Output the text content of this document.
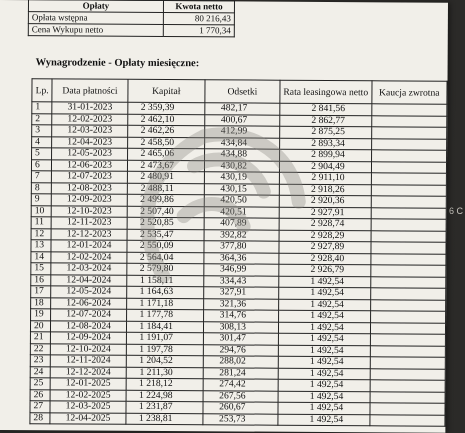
6 C
Opłaty	Kwota netto
Opłata wstępna	80 216,43
Cena Wykupu netto	1 770,34
Wynagrodzenie - Opłaty miesięczne:
Lp.	Data płatności	Kapitał	Odsetki	Rata leasingowa netto	Kaucja zwrotna
1	31-01-2023	2 359,39	482,17	2 841,56	
2	12-02-2023	2 462,10	400,67	2 862,77	
3	12-03-2023	2 462,26	412,99	2 875,25	
4	12-04-2023	2 458,50	434,84	2 893,34	
5	12-05-2023	2 465,06	434,88	2 899,94	
6	12-06-2023	2 473,67	430,82	2 904,49	
7	12-07-2023	2 480,91	430,19	2 911,10	
8	12-08-2023	2 488,11	430,15	2 918,26	
9	12-09-2023	2 499,86	420,50	2 920,36	
10	12-10-2023	2 507,40	420,51	2 927,91	
11	12-11-2023	2 520,85	407,89	2 928,74	
12	12-12-2023	2 535,47	392,82	2 928,29	
13	12-01-2024	2 550,09	377,80	2 927,89	
14	12-02-2024	2 564,04	364,36	2 928,40	
15	12-03-2024	2 579,80	346,99	2 926,79	
16	12-04-2024	1 158,11	334,43	1 492,54	
17	12-05-2024	1 164,63	327,91	1 492,54	
18	12-06-2024	1 171,18	321,36	1 492,54	
19	12-07-2024	1 177,78	314,76	1 492,54	
20	12-08-2024	1 184,41	308,13	1 492,54	
21	12-09-2024	1 191,07	301,47	1 492,54	
22	12-10-2024	1 197,78	294,76	1 492,54	
23	12-11-2024	1 204,52	288,02	1 492,54	
24	12-12-2024	1 211,30	281,24	1 492,54	
25	12-01-2025	1 218,12	274,42	1 492,54	
26	12-02-2025	1 224,98	267,56	1 492,54	
27	12-03-2025	1 231,87	260,67	1 492,54	
28	12-04-2025	1 238,81	253,73	1 492,54	
